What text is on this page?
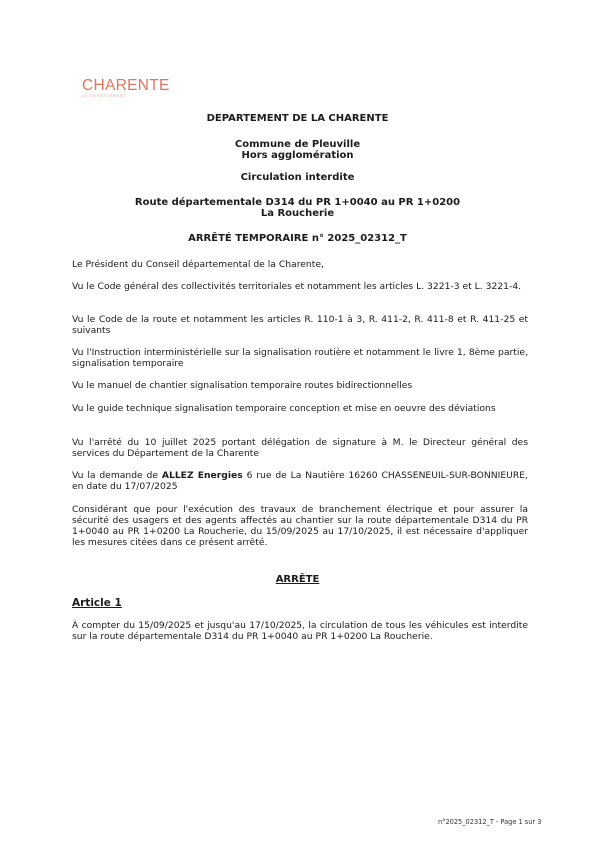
CHARENTE
LE DÉPARTEMENT

DEPARTEMENT DE LA CHARENTE

Commune de Pleuville

Hors agglomération

Circulation interdite

Route départementale D314 du PR 1+0040 au PR 1+0200

La Roucherie

ARRÊTÉ TEMPORAIRE n° 2025_02312_T

Le Président du Conseil départemental de la Charente,

Vu le Code général des collectivités territoriales et notamment les articles L. 3221-3 et L. 3221-4.

Vu le Code de la route et notamment les articles R. 110-1 à 3, R. 411-2, R. 411-8 et R. 411-25 et suivants

Vu l'Instruction interministérielle sur la signalisation routière et notamment le livre 1, 8ème partie, signalisation temporaire

Vu le manuel de chantier signalisation temporaire routes bidirectionnelles

Vu le guide technique signalisation temporaire conception et mise en oeuvre des déviations

Vu l'arrêté du 10 juillet 2025 portant délégation de signature à M. le Directeur général des services du Département de la Charente

Vu la demande de ALLEZ Energies 6 rue de La Nautière 16260 CHASSENEUIL-SUR-BONNIEURE, en date du 17/07/2025

Considérant que pour l'exécution des travaux de branchement électrique et pour assurer la sécurité des usagers et des agents affectés au chantier sur la route départementale D314 du PR 1+0040 au PR 1+0200 La Roucherie, du 15/09/2025 au 17/10/2025, il est nécessaire d'appliquer les mesures citées dans ce présent arrêté.

ARRÊTE

Article 1

À compter du 15/09/2025 et jusqu'au 17/10/2025, la circulation de tous les véhicules est interdite sur la route départementale D314 du PR 1+0040 au PR 1+0200 La Roucherie.

n°2025_02312_T - Page 1 sur 3
